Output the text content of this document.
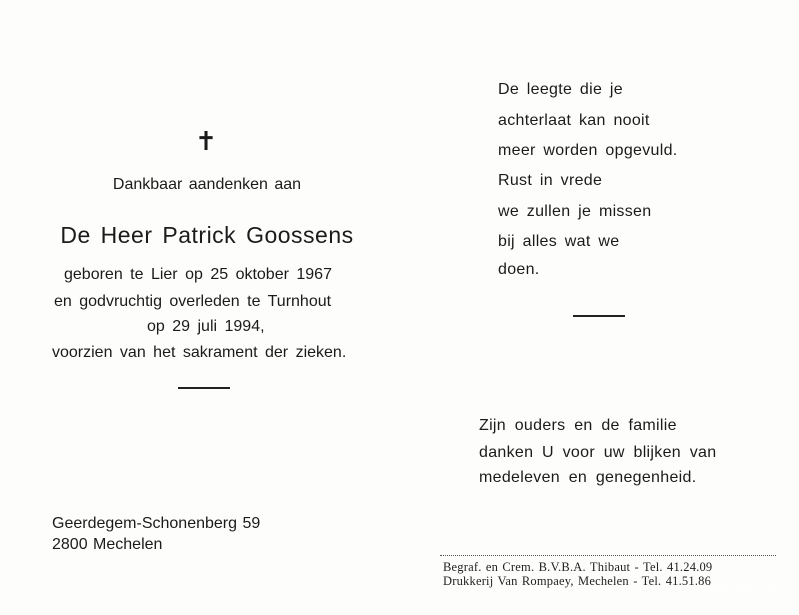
✝
Dankbaar aandenken aan
De Heer Patrick Goossens
geboren te Lier op 25 oktober 1967
en godvruchtig overleden te Turnhout
op 29 juli 1994,
voorzien van het sakrament der zieken.
Geerdegem-Schonenberg 59
2800 Mechelen
De leegte die je
achterlaat kan nooit
meer worden opgevuld.
Rust in vrede
we zullen je missen
bij alles wat we
doen.
Zijn ouders en de familie
danken U voor uw blijken van
medeleven en genegenheid.
Begraf. en Crem. B.V.B.A. Thibaut - Tel. 41.24.09
Drukkerij Van Rompaey, Mechelen - Tel. 41.51.86
www.indeken.be
